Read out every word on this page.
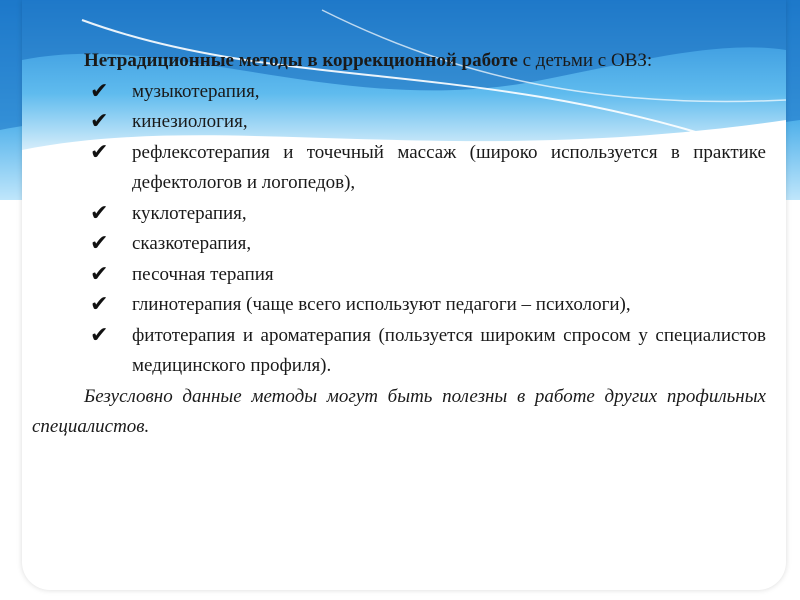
Нетрадиционные методы в коррекционной работе с детьми с ОВЗ:

✔	музыкотерапия,
✔	кинезиология,
✔	рефлексотерапия и точечный массаж (широко используется в практике дефектологов и логопедов),
✔	куклотерапия,
✔	сказкотерапия,
✔	песочная терапия
✔	глинотерапия (чаще всего используют педагоги – психологи),
✔	фитотерапия и ароматерапия (пользуется широким спросом у специалистов медицинского профиля).

Безусловно данные методы могут быть полезны в работе других профильных специалистов.
